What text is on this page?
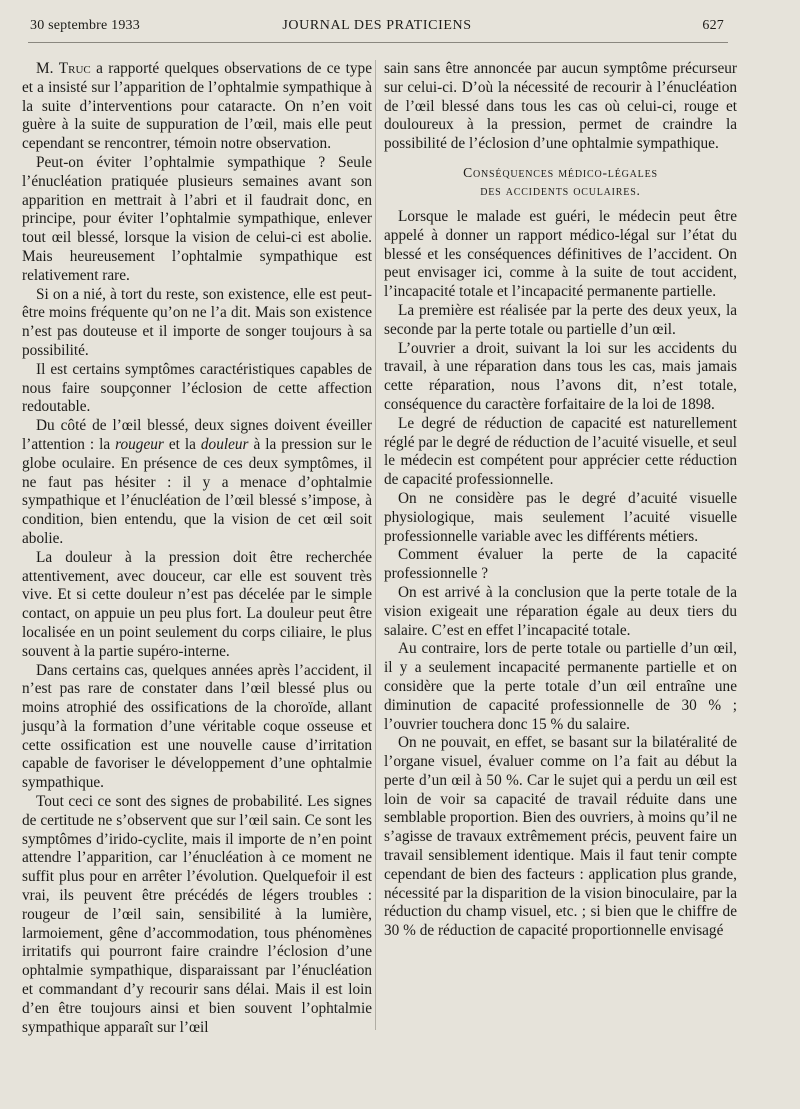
30 septembre 1933	JOURNAL DES PRATICIENS	627

M. Truc a rapporté quelques observations de ce type et a insisté sur l’apparition de l’ophtalmie sympathique à la suite d’interventions pour cataracte. On n’en voit guère à la suite de suppuration de l’œil, mais elle peut cependant se rencontrer, témoin notre observation.

Peut-on éviter l’ophtalmie sympathique ? Seule l’énucléation pratiquée plusieurs semaines avant son apparition en mettrait à l’abri et il faudrait donc, en principe, pour éviter l’ophtalmie sympathique, enlever tout œil blessé, lorsque la vision de celui-ci est abolie. Mais heureusement l’ophtalmie sympathique est relativement rare.

Si on a nié, à tort du reste, son existence, elle est peut-être moins fréquente qu’on ne l’a dit. Mais son existence n’est pas douteuse et il importe de songer toujours à sa possibilité.

Il est certains symptômes caractéristiques capables de nous faire soupçonner l’éclosion de cette affection redoutable.

Du côté de l’œil blessé, deux signes doivent éveiller l’attention : la rougeur et la douleur à la pression sur le globe oculaire. En présence de ces deux symptômes, il ne faut pas hésiter : il y a menace d’ophtalmie sympathique et l’énucléation de l’œil blessé s’impose, à condition, bien entendu, que la vision de cet œil soit abolie.

La douleur à la pression doit être recherchée attentivement, avec douceur, car elle est souvent très vive. Et si cette douleur n’est pas décelée par le simple contact, on appuie un peu plus fort. La douleur peut être localisée en un point seulement du corps ciliaire, le plus souvent à la partie supéro-interne.

Dans certains cas, quelques années après l’accident, il n’est pas rare de constater dans l’œil blessé plus ou moins atrophié des ossifications de la choroïde, allant jusqu’à la formation d’une véritable coque osseuse et cette ossification est une nouvelle cause d’irritation capable de favoriser le développement d’une ophtalmie sympathique.

Tout ceci ce sont des signes de probabilité. Les signes de certitude ne s’observent que sur l’œil sain. Ce sont les symptômes d’irido-cyclite, mais il importe de n’en point attendre l’apparition, car l’énucléation à ce moment ne suffit plus pour en arrêter l’évolution. Quelquefoir il est vrai, ils peuvent être précédés de légers troubles : rougeur de l’œil sain, sensibilité à la lumière, larmoiement, gêne d’accommodation, tous phénomènes irritatifs qui pourront faire craindre l’éclosion d’une ophtalmie sympathique, disparaissant par l’énucléation et commandant d’y recourir sans délai. Mais il est loin d’en être toujours ainsi et bien souvent l’ophtalmie sympathique apparaît sur l’œil

sain sans être annoncée par aucun symptôme précurseur sur celui-ci. D’où la nécessité de recourir à l’énucléation de l’œil blessé dans tous les cas où celui-ci, rouge et douloureux à la pression, permet de craindre la possibilité de l’éclosion d’une ophtalmie sympathique.

Conséquences médico-légales
des accidents oculaires.

Lorsque le malade est guéri, le médecin peut être appelé à donner un rapport médico-légal sur l’état du blessé et les conséquences définitives de l’accident. On peut envisager ici, comme à la suite de tout accident, l’incapacité totale et l’incapacité permanente partielle.

La première est réalisée par la perte des deux yeux, la seconde par la perte totale ou partielle d’un œil.

L’ouvrier a droit, suivant la loi sur les accidents du travail, à une réparation dans tous les cas, mais jamais cette réparation, nous l’avons dit, n’est totale, conséquence du caractère forfaitaire de la loi de 1898.

Le degré de réduction de capacité est naturellement réglé par le degré de réduction de l’acuité visuelle, et seul le médecin est compétent pour apprécier cette réduction de capacité professionnelle.

On ne considère pas le degré d’acuité visuelle physiologique, mais seulement l’acuité visuelle professionnelle variable avec les différents métiers.

Comment évaluer la perte de la capacité professionnelle ?

On est arrivé à la conclusion que la perte totale de la vision exigeait une réparation égale au deux tiers du salaire. C’est en effet l’incapacité totale.

Au contraire, lors de perte totale ou partielle d’un œil, il y a seulement incapacité permanente partielle et on considère que la perte totale d’un œil entraîne une diminution de capacité professionnelle de 30 % ; l’ouvrier touchera donc 15 % du salaire.

On ne pouvait, en effet, se basant sur la bilatéralité de l’organe visuel, évaluer comme on l’a fait au début la perte d’un œil à 50 %. Car le sujet qui a perdu un œil est loin de voir sa capacité de travail réduite dans une semblable proportion. Bien des ouvriers, à moins qu’il ne s’agisse de travaux extrêmement précis, peuvent faire un travail sensiblement identique. Mais il faut tenir compte cependant de bien des facteurs : application plus grande, nécessité par la disparition de la vision binoculaire, par la réduction du champ visuel, etc. ; si bien que le chiffre de 30 % de réduction de capacité proportionnelle envisagé
